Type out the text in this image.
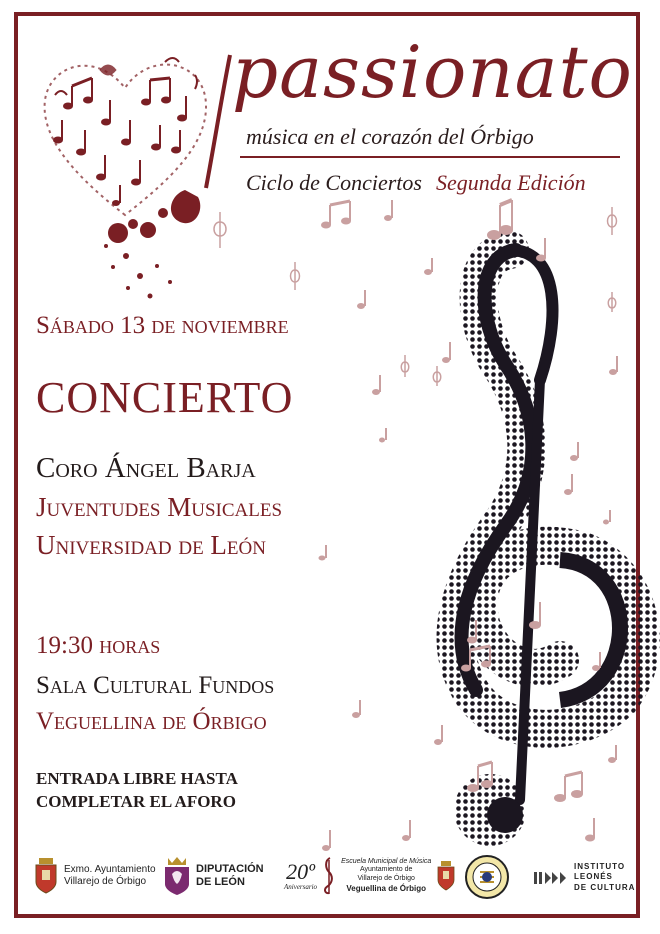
passionato
música en el corazón del Órbigo
Ciclo de Conciertos Segunda Edición
Sábado 13 de noviembre
CONCIERTO
Coro Ángel Barja
Juventudes Musicales
Universidad de León
19:30 horas
Sala Cultural Fundos
Veguellina de Órbigo
ENTRADA LIBRE HASTA
COMPLETAR EL AFORO
Exmo. Ayuntamiento
Villarejo de Órbigo
DIPUTACIÓN
DE LEÓN	20º
Aniversario
Escuela Municipal de Música
Ayuntamiento de
Villarejo de Órbigo
Veguellina de Órbigo
INSTITUTO
LEONÉS
DE CULTURA
